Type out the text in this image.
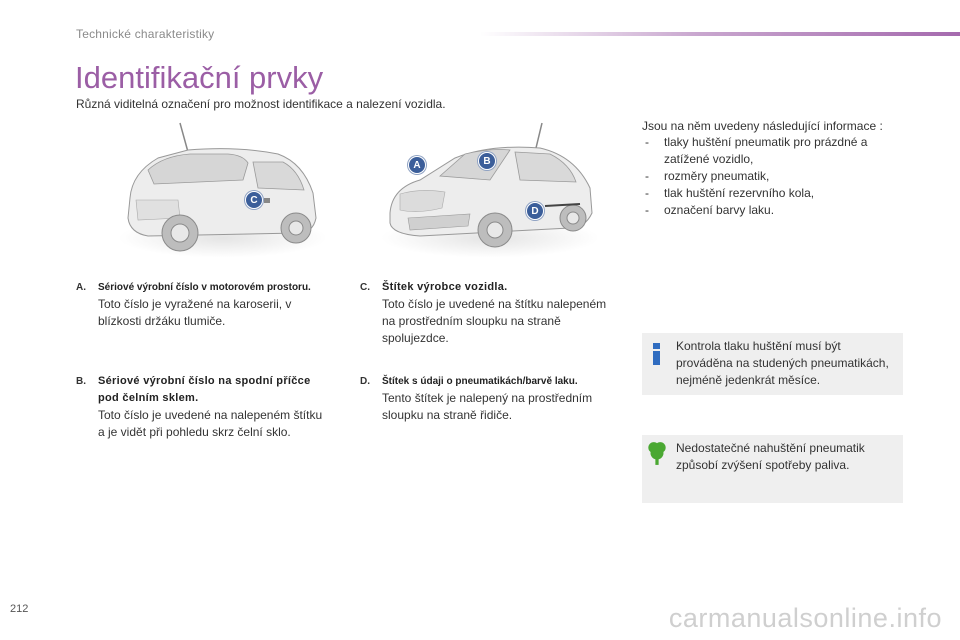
Technické charakteristiky
Identifikační prvky
Různá viditelná označení pro možnost identifikace a nalezení vozidla.
C
A	B
D
A. Sériové výrobní číslo v motorovém prostoru.
Toto číslo je vyražené na karoserii, v
blízkosti držáku tlumiče.
B. Sériové výrobní číslo na spodní příčce
pod čelním sklem.
Toto číslo je uvedené na nalepeném štítku
a je vidět při pohledu skrz čelní sklo.
C. Štítek výrobce vozidla.
Toto číslo je uvedené na štítku nalepeném
na prostředním sloupku na straně
spolujezdce.
D. Štítek s údaji o pneumatikách/barvě laku.
Tento štítek je nalepený na prostředním
sloupku na straně řidiče.
Jsou na něm uvedeny následující informace :
- tlaky huštění pneumatik pro prázdné a
zatížené vozidlo,
- rozměry pneumatik,
- tlak huštění rezervního kola,
- označení barvy laku.
Kontrola tlaku huštění musí být
prováděna na studených pneumatikách,
nejméně jedenkrát měsíce.
Nedostatečné nahuštění pneumatik
způsobí zvýšení spotřeby paliva.
212	carmanualsonline.info
